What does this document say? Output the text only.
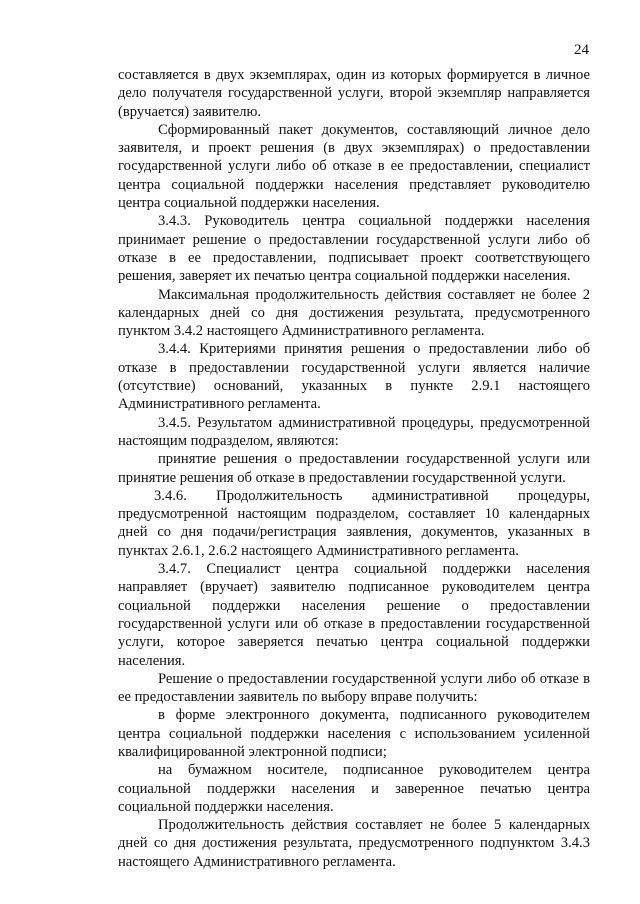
24

составляется в двух экземплярах, один из которых формируется в личное дело получателя государственной услуги, второй экземпляр направляется (вручается) заявителю.

Сформированный пакет документов, составляющий личное дело заявителя, и проект решения (в двух экземплярах) о предоставлении государственной услуги либо об отказе в ее предоставлении, специалист центра социальной поддержки населения представляет руководителю центра социальной поддержки населения.

3.4.3. Руководитель центра социальной поддержки населения принимает решение о предоставлении государственной услуги либо об отказе в ее предоставлении, подписывает проект соответствующего решения, заверяет их печатью центра социальной поддержки населения.

Максимальная продолжительность действия составляет не более 2 календарных дней со дня достижения результата, предусмотренного пунктом 3.4.2 настоящего Административного регламента.

3.4.4. Критериями принятия решения о предоставлении либо об отказе в предоставлении государственной услуги является наличие (отсутствие) оснований, указанных в пункте 2.9.1 настоящего Административного регламента.

3.4.5. Результатом административной процедуры, предусмотренной настоящим подразделом, являются:

принятие решения о предоставлении государственной услуги или принятие решения об отказе в предоставлении государственной услуги.

3.4.6. Продолжительность административной процедуры, предусмотренной настоящим подразделом, составляет 10 календарных дней со дня подачи/регистрация заявления, документов, указанных в пунктах 2.6.1, 2.6.2 настоящего Административного регламента.

3.4.7. Специалист центра социальной поддержки населения направляет (вручает) заявителю подписанное руководителем центра социальной поддержки населения решение о предоставлении государственной услуги или об отказе в предоставлении государственной услуги, которое заверяется печатью центра социальной поддержки населения.

Решение о предоставлении государственной услуги либо об отказе в ее предоставлении заявитель по выбору вправе получить:

в форме электронного документа, подписанного руководителем центра социальной поддержки населения с использованием усиленной квалифицированной электронной подписи;

на бумажном носителе, подписанное руководителем центра социальной поддержки населения и заверенное печатью центра социальной поддержки населения.

Продолжительность действия составляет не более 5 календарных дней со дня достижения результата, предусмотренного подпунктом 3.4.3 настоящего Административного регламента.
